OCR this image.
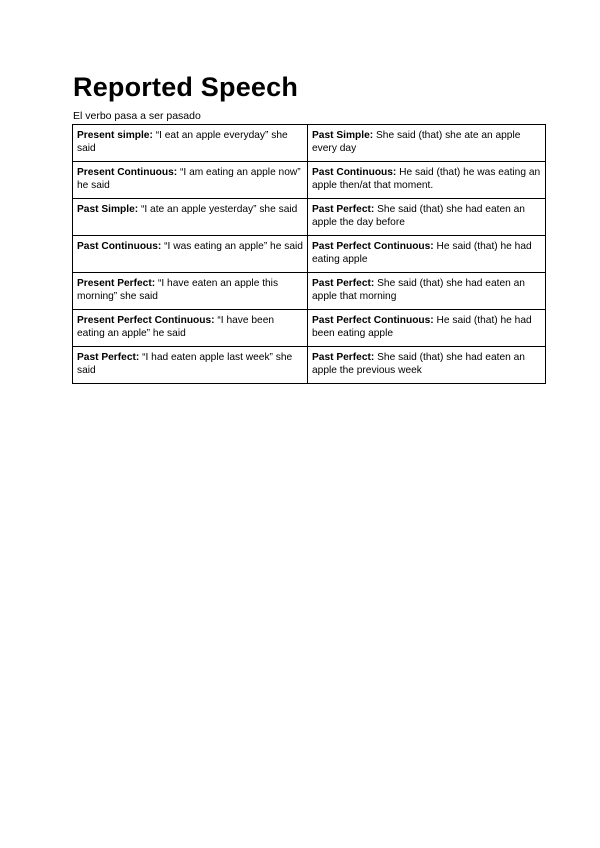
Reported Speech
El verbo pasa a ser pasado
Present simple: “I eat an apple everyday” she said	Past Simple: She said (that) she ate an apple every day
Present Continuous: “I am eating an apple now” he said	Past Continuous: He said (that) he was eating an apple then/at that moment.
Past Simple: “I ate an apple yesterday” she said	Past Perfect: She said (that) she had eaten an apple the day before
Past Continuous: “I was eating an apple” he said	Past Perfect Continuous: He said (that) he had eating apple
Present Perfect: “I have eaten an apple this morning” she said	Past Perfect: She said (that) she had eaten an apple that morning
Present Perfect Continuous: “I have been eating an apple” he said	Past Perfect Continuous: He said (that) he had been eating apple
Past Perfect: “I had eaten apple last week” she said	Past Perfect: She said (that) she had eaten an apple the previous week
